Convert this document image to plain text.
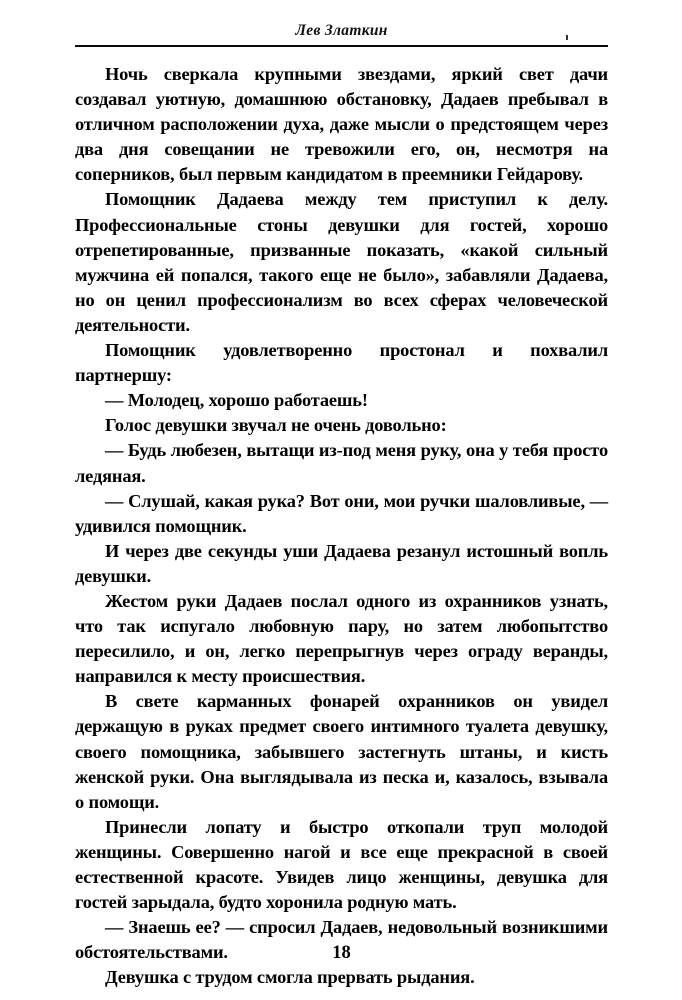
Лев Златкин

Ночь сверкала крупными звездами, яркий свет дачи создавал уютную, домашнюю обстановку, Дадаев пребывал в отличном расположении духа, даже мысли о предстоящем через два дня совещании не тревожили его, он, несмотря на соперников, был первым кандидатом в преемники Гейдарову.

Помощник Дадаева между тем приступил к делу. Профессиональные стоны девушки для гостей, хорошо отрепетированные, призванные показать, «какой сильный мужчина ей попался, такого еще не было», забавляли Дадаева, но он ценил профессионализм во всех сферах человеческой деятельности.

Помощник удовлетворенно простонал и похвалил партнершу:

— Молодец, хорошо работаешь!

Голос девушки звучал не очень довольно:

— Будь любезен, вытащи из-под меня руку, она у тебя просто ледяная.

— Слушай, какая рука? Вот они, мои ручки шаловливые, — удивился помощник.

И через две секунды уши Дадаева резанул истошный вопль девушки.

Жестом руки Дадаев послал одного из охранников узнать, что так испугало любовную пару, но затем любопытство пересилило, и он, легко перепрыгнув через ограду веранды, направился к месту происшествия.

В свете карманных фонарей охранников он увидел держащую в руках предмет своего интимного туалета девушку, своего помощника, забывшего застегнуть штаны, и кисть женской руки. Она выглядывала из песка и, казалось, взывала о помощи.

Принесли лопату и быстро откопали труп молодой женщины. Совершенно нагой и все еще прекрасной в своей естественной красоте. Увидев лицо женщины, девушка для гостей зарыдала, будто хоронила родную мать.

— Знаешь ее? — спросил Дадаев, недовольный возникшими обстоятельствами.

Девушка с трудом смогла прервать рыдания.

18
